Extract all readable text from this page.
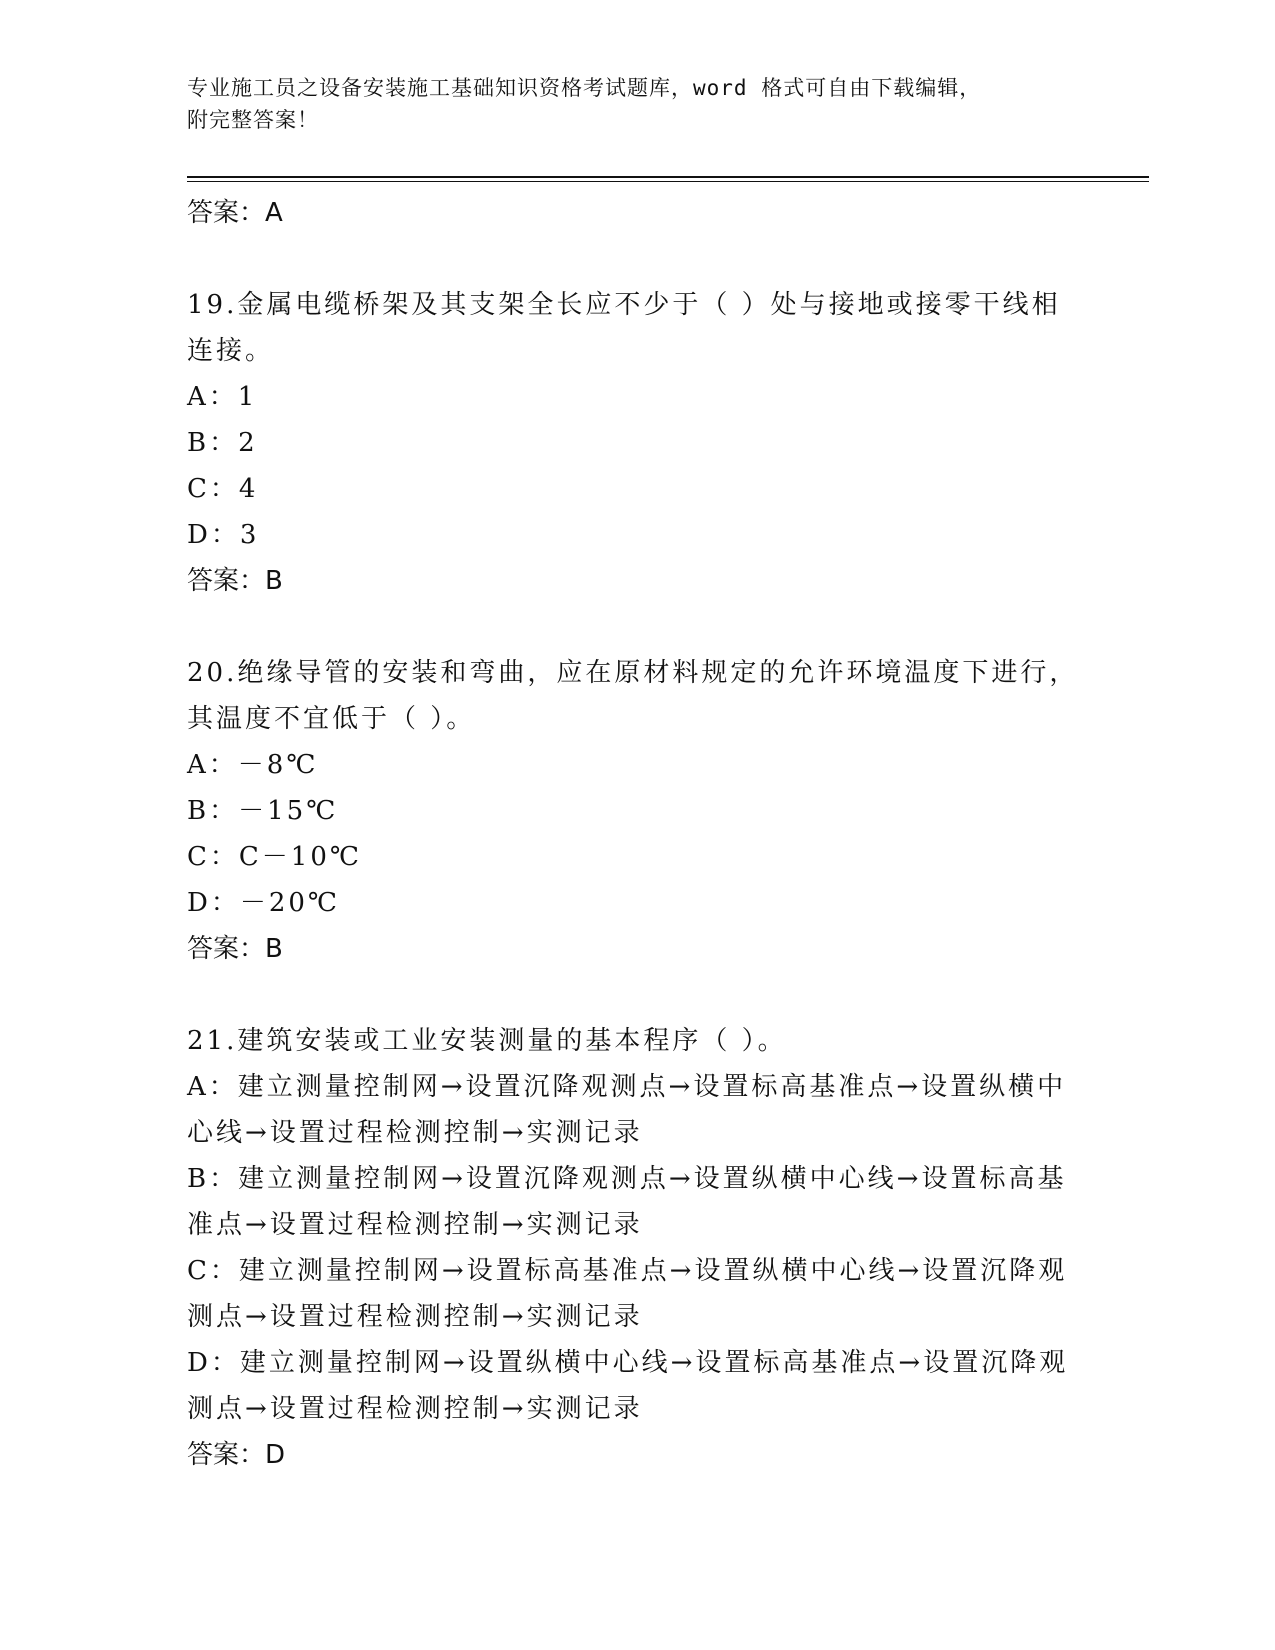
专业施工员之设备安装施工基础知识资格考试题库，word 格式可自由下载编辑，
附完整答案！
答案：A
19.金属电缆桥架及其支架全长应不少于（ ）处与接地或接零干线相
连接。
A：1
B：2
C：4
D：3
答案：B
20.绝缘导管的安装和弯曲，应在原材料规定的允许环境温度下进行，
其温度不宜低于（ ）。
A：－8℃
B：－15℃
C：C－10℃
D：－20℃
答案：B
21.建筑安装或工业安装测量的基本程序（ ）。
A：建立测量控制网→设置沉降观测点→设置标高基准点→设置纵横中
心线→设置过程检测控制→实测记录
B：建立测量控制网→设置沉降观测点→设置纵横中心线→设置标高基
准点→设置过程检测控制→实测记录
C：建立测量控制网→设置标高基准点→设置纵横中心线→设置沉降观
测点→设置过程检测控制→实测记录
D：建立测量控制网→设置纵横中心线→设置标高基准点→设置沉降观
测点→设置过程检测控制→实测记录
答案：D
